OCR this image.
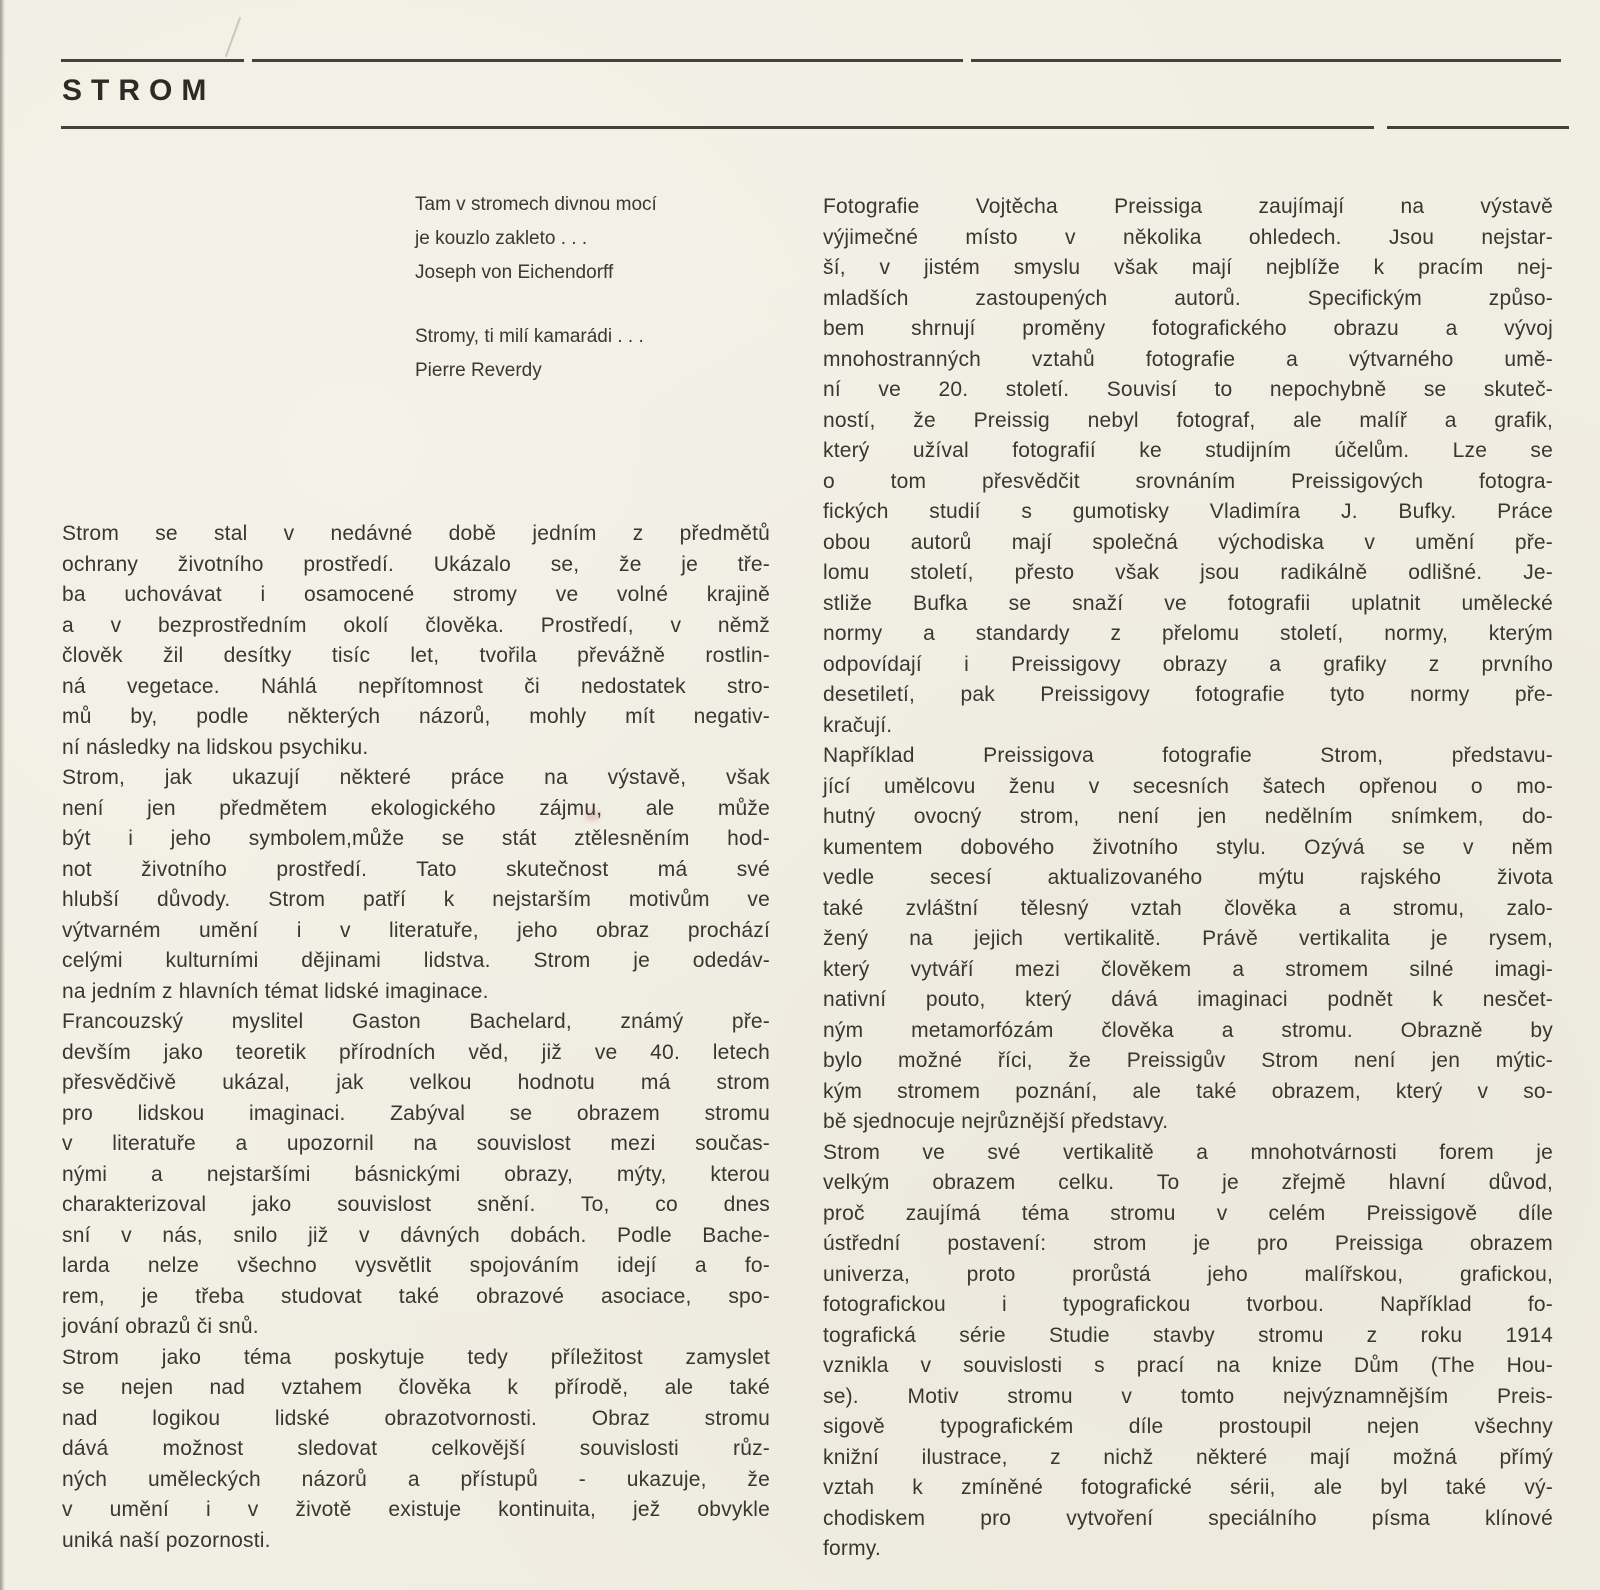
STROM
Tam v stromech divnou mocí
je kouzlo zakleto . . .
Joseph von Eichendorff
Stromy, ti milí kamarádi . . .
Pierre Reverdy
Strom se stal v nedávné době jedním z předmětů
ochrany životního prostředí. Ukázalo se, že je tře-
ba uchovávat i osamocené stromy ve volné krajině
a v bezprostředním okolí člověka. Prostředí, v němž
člověk žil desítky tisíc let, tvořila převážně rostlin-
ná vegetace. Náhlá nepřítomnost či nedostatek stro-
mů by, podle některých názorů, mohly mít negativ-
ní následky na lidskou psychiku.
Strom, jak ukazují některé práce na výstavě, však
není jen předmětem ekologického zájmu, ale může
být i jeho symbolem,může se stát ztělesněním hod-
not životního prostředí. Tato skutečnost má své
hlubší důvody. Strom patří k nejstarším motivům ve
výtvarném umění i v literatuře, jeho obraz prochází
celými kulturními dějinami lidstva. Strom je odedáv-
na jedním z hlavních témat lidské imaginace.
Francouzský myslitel Gaston Bachelard, známý pře-
devším jako teoretik přírodních věd, již ve 40. letech
přesvědčivě ukázal, jak velkou hodnotu má strom
pro lidskou imaginaci. Zabýval se obrazem stromu
v literatuře a upozornil na souvislost mezi součas-
nými a nejstaršími básnickými obrazy, mýty, kterou
charakterizoval jako souvislost snění. To, co dnes
sní v nás, snilo již v dávných dobách. Podle Bache-
larda nelze všechno vysvětlit spojováním idejí a fo-
rem, je třeba studovat také obrazové asociace, spo-
jování obrazů či snů.
Strom jako téma poskytuje tedy příležitost zamyslet
se nejen nad vztahem člověka k přírodě, ale také
nad logikou lidské obrazotvornosti. Obraz stromu
dává možnost sledovat celkovější souvislosti růz-
ných uměleckých názorů a přístupů - ukazuje, že
v umění i v životě existuje kontinuita, jež obvykle
uniká naší pozornosti.
Fotografie Vojtěcha Preissiga zaujímají na výstavě
výjimečné místo v několika ohledech. Jsou nejstar-
ší, v jistém smyslu však mají nejblíže k pracím nej-
mladších zastoupených autorů. Specifickým způso-
bem shrnují proměny fotografického obrazu a vývoj
mnohostranných vztahů fotografie a výtvarného umě-
ní ve 20. století. Souvisí to nepochybně se skuteč-
ností, že Preissig nebyl fotograf, ale malíř a grafik,
který užíval fotografií ke studijním účelům. Lze se
o tom přesvědčit srovnáním Preissigových fotogra-
fických studií s gumotisky Vladimíra J. Bufky. Práce
obou autorů mají společná východiska v umění pře-
lomu století, přesto však jsou radikálně odlišné. Je-
stliže Bufka se snaží ve fotografii uplatnit umělecké
normy a standardy z přelomu století, normy, kterým
odpovídají i Preissigovy obrazy a grafiky z prvního
desetiletí, pak Preissigovy fotografie tyto normy pře-
kračují.
Například Preissigova fotografie Strom, představu-
jící umělcovu ženu v secesních šatech opřenou o mo-
hutný ovocný strom, není jen nedělním snímkem, do-
kumentem dobového životního stylu. Ozývá se v něm
vedle secesí aktualizovaného mýtu rajského života
také zvláštní tělesný vztah člověka a stromu, zalo-
žený na jejich vertikalitě. Právě vertikalita je rysem,
který vytváří mezi člověkem a stromem silné imagi-
nativní pouto, který dává imaginaci podnět k nesčet-
ným metamorfózám člověka a stromu. Obrazně by
bylo možné říci, že Preissigův Strom není jen mýtic-
kým stromem poznání, ale také obrazem, který v so-
bě sjednocuje nejrůznější představy.
Strom ve své vertikalitě a mnohotvárnosti forem je
velkým obrazem celku. To je zřejmě hlavní důvod,
proč zaujímá téma stromu v celém Preissigově díle
ústřední postavení: strom je pro Preissiga obrazem
univerza, proto prorůstá jeho malířskou, grafickou,
fotografickou i typografickou tvorbou. Například fo-
tografická série Studie stavby stromu z roku 1914
vznikla v souvislosti s prací na knize Dům (The Hou-
se). Motiv stromu v tomto nejvýznamnějším Preis-
sigově typografickém díle prostoupil nejen všechny
knižní ilustrace, z nichž některé mají možná přímý
vztah k zmíněné fotografické sérii, ale byl také vý-
chodiskem pro vytvoření speciálního písma klínové
formy.
